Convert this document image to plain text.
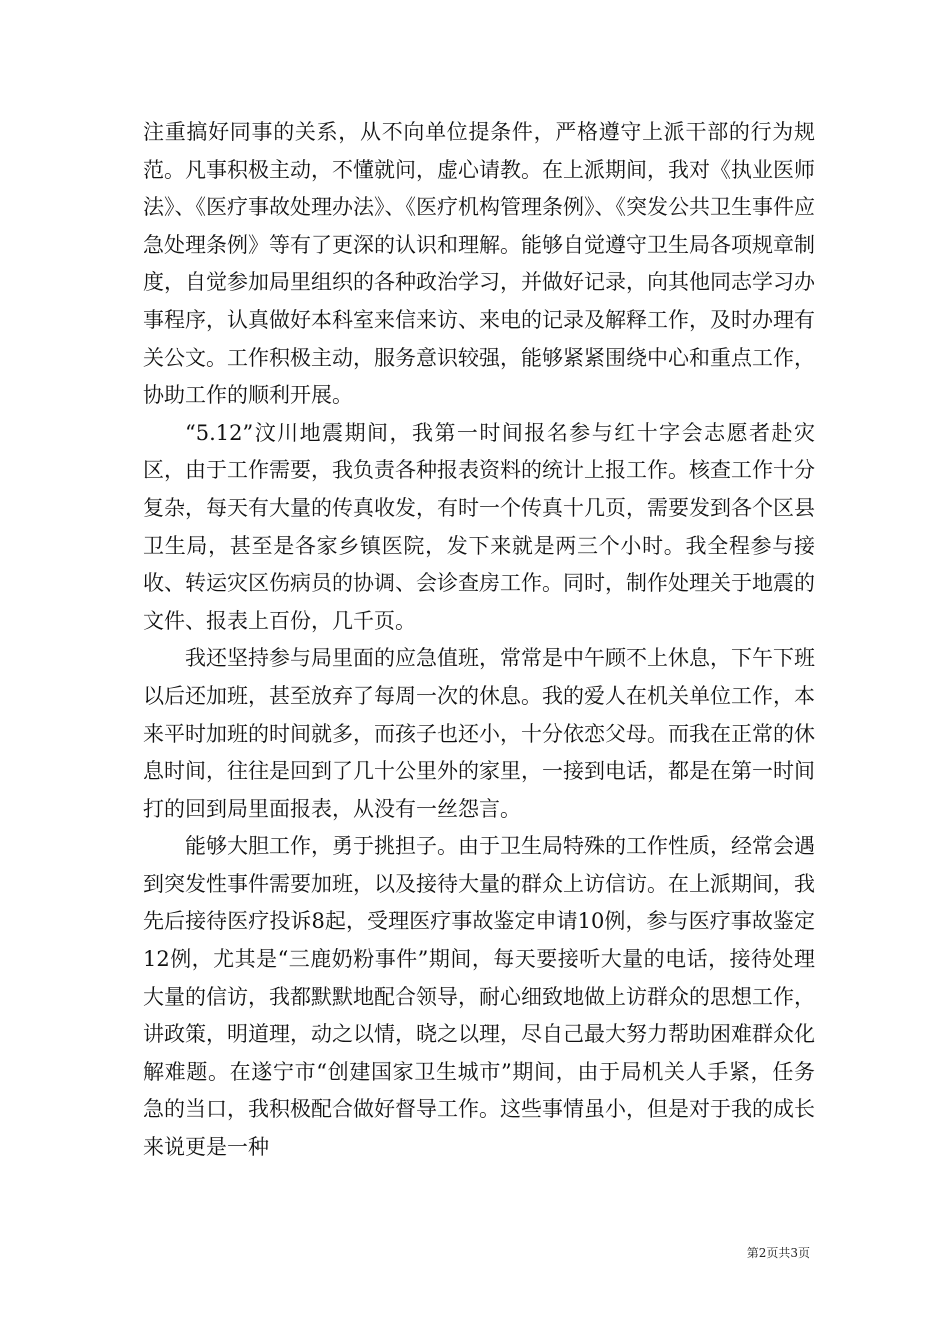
注重搞好同事的关系，从不向单位提条件，严格遵守上派干部的行为规范。凡事积极主动，不懂就问，虚心请教。在上派期间，我对《执业医师法》、《医疗事故处理办法》、《医疗机构管理条例》、《突发公共卫生事件应急处理条例》等有了更深的认识和理解。能够自觉遵守卫生局各项规章制度，自觉参加局里组织的各种政治学习，并做好记录，向其他同志学习办事程序，认真做好本科室来信来访、来电的记录及解释工作，及时办理有关公文。工作积极主动，服务意识较强，能够紧紧围绕中心和重点工作，协助工作的顺利开展。

“5.12”汶川地震期间，我第一时间报名参与红十字会志愿者赴灾区，由于工作需要，我负责各种报表资料的统计上报工作。核查工作十分复杂，每天有大量的传真收发，有时一个传真十几页，需要发到各个区县卫生局，甚至是各家乡镇医院，发下来就是两三个小时。我全程参与接收、转运灾区伤病员的协调、会诊查房工作。同时，制作处理关于地震的文件、报表上百份，几千页。

我还坚持参与局里面的应急值班，常常是中午顾不上休息，下午下班以后还加班，甚至放弃了每周一次的休息。我的爱人在机关单位工作，本来平时加班的时间就多，而孩子也还小，十分依恋父母。而我在正常的休息时间，往往是回到了几十公里外的家里，一接到电话，都是在第一时间打的回到局里面报表，从没有一丝怨言。

能够大胆工作，勇于挑担子。由于卫生局特殊的工作性质，经常会遇到突发性事件需要加班，以及接待大量的群众上访信访。在上派期间，我先后接待医疗投诉8起，受理医疗事故鉴定申请10例，参与医疗事故鉴定12例，尤其是“三鹿奶粉事件”期间，每天要接听大量的电话，接待处理大量的信访，我都默默地配合领导，耐心细致地做上访群众的思想工作，讲政策，明道理，动之以情，晓之以理，尽自己最大努力帮助困难群众化解难题。在遂宁市“创建国家卫生城市”期间，由于局机关人手紧，任务急的当口，我积极配合做好督导工作。这些事情虽小，但是对于我的成长来说更是一种

第2页共3页
